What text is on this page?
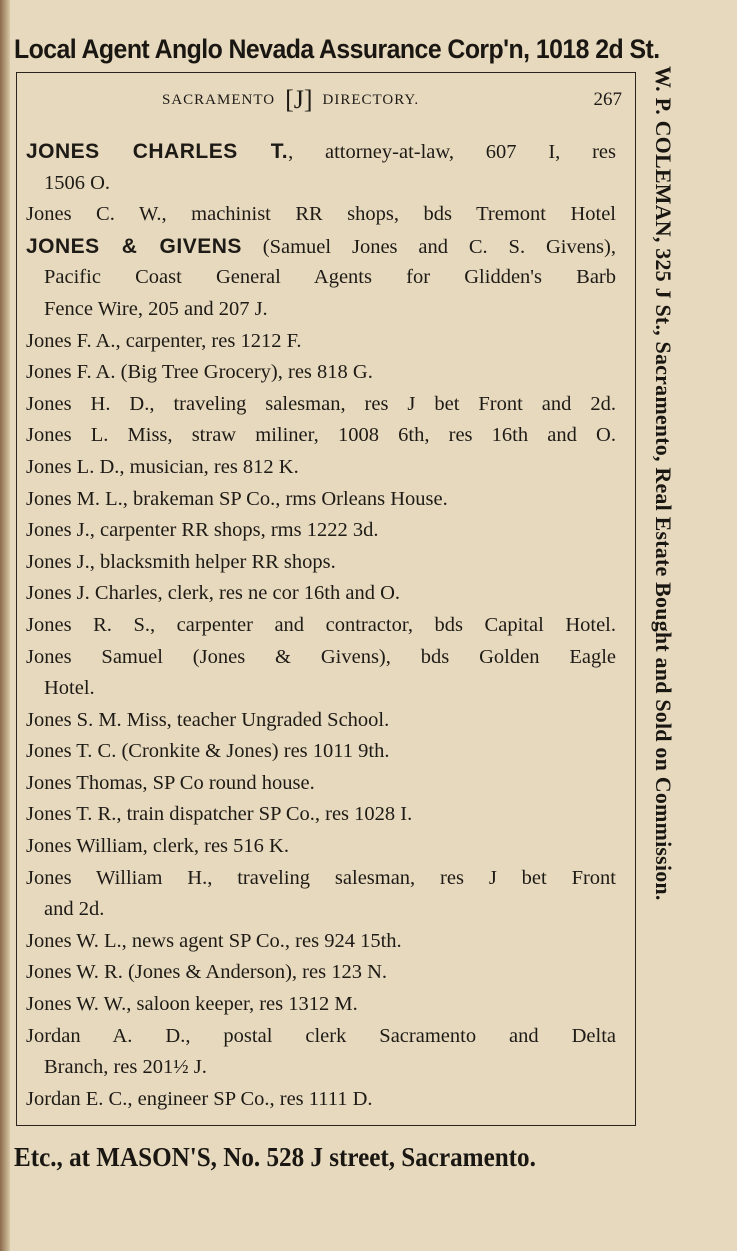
Local Agent Anglo Nevada Assurance Corp'n, 1018 2d St.
SACRAMENTO [J] DIRECTORY.	267
JONES CHARLES T., attorney-at-law, 607 I, res
1506 O.
Jones C. W., machinist RR shops, bds Tremont Hotel
JONES & GIVENS (Samuel Jones and C. S. Givens),
Pacific Coast General Agents for Glidden's Barb
Fence Wire, 205 and 207 J.
Jones F. A., carpenter, res 1212 F.
Jones F. A. (Big Tree Grocery), res 818 G.
Jones H. D., traveling salesman, res J bet Front and 2d.
Jones L. Miss, straw miliner, 1008 6th, res 16th and O.
Jones L. D., musician, res 812 K.
Jones M. L., brakeman SP Co., rms Orleans House.
Jones J., carpenter RR shops, rms 1222 3d.
Jones J., blacksmith helper RR shops.
Jones J. Charles, clerk, res ne cor 16th and O.
Jones R. S., carpenter and contractor, bds Capital Hotel.
Jones Samuel (Jones & Givens), bds Golden Eagle
Hotel.
Jones S. M. Miss, teacher Ungraded School.
Jones T. C. (Cronkite & Jones) res 1011 9th.
Jones Thomas, SP Co round house.
Jones T. R., train dispatcher SP Co., res 1028 I.
Jones William, clerk, res 516 K.
Jones William H., traveling salesman, res J bet Front
and 2d.
Jones W. L., news agent SP Co., res 924 15th.
Jones W. R. (Jones & Anderson), res 123 N.
Jones W. W., saloon keeper, res 1312 M.
Jordan A. D., postal clerk Sacramento and Delta
Branch, res 201½ J.
Jordan E. C., engineer SP Co., res 1111 D.
W. P. COLEMAN, 325 J St., Sacramento, Real Estate Bought and Sold on Commission.
Etc., at MASON'S, No. 528 J street, Sacramento.
